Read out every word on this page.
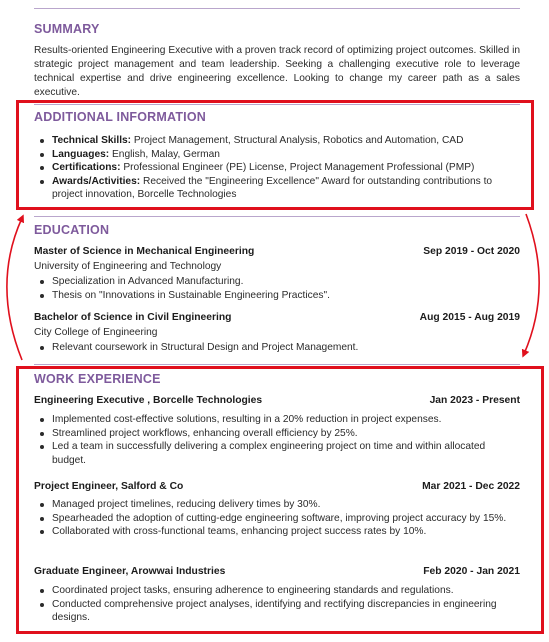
SUMMARY
Results-oriented Engineering Executive with a proven track record of optimizing project outcomes. Skilled in strategic project management and team leadership. Seeking a challenging executive role to leverage technical expertise and drive engineering excellence. Looking to change my career path as a sales executive.
ADDITIONAL INFORMATION
Technical Skills: Project Management, Structural Analysis, Robotics and Automation, CAD
Languages: English, Malay, German
Certifications: Professional Engineer (PE) License, Project Management Professional (PMP)
Awards/Activities: Received the "Engineering Excellence" Award for outstanding contributions to project innovation, Borcelle Technologies
EDUCATION
Master of Science in Mechanical Engineering	Sep 2019 - Oct 2020
University of Engineering and Technology
Specialization in Advanced Manufacturing.
Thesis on "Innovations in Sustainable Engineering Practices".
Bachelor of Science in Civil Engineering	Aug 2015 - Aug 2019
City College of Engineering
Relevant coursework in Structural Design and Project Management.
WORK EXPERIENCE
Engineering Executive , Borcelle Technologies	Jan 2023 - Present
Implemented cost-effective solutions, resulting in a 20% reduction in project expenses.
Streamlined project workflows, enhancing overall efficiency by 25%.
Led a team in successfully delivering a complex engineering project on time and within allocated budget.
Project Engineer, Salford & Co	Mar 2021 - Dec 2022
Managed project timelines, reducing delivery times by 30%.
Spearheaded the adoption of cutting-edge engineering software, improving project accuracy by 15%.
Collaborated with cross-functional teams, enhancing project success rates by 10%.
Graduate Engineer, Arowwai Industries	Feb 2020 - Jan 2021
Coordinated project tasks, ensuring adherence to engineering standards and regulations.
Conducted comprehensive project analyses, identifying and rectifying discrepancies in engineering designs.
